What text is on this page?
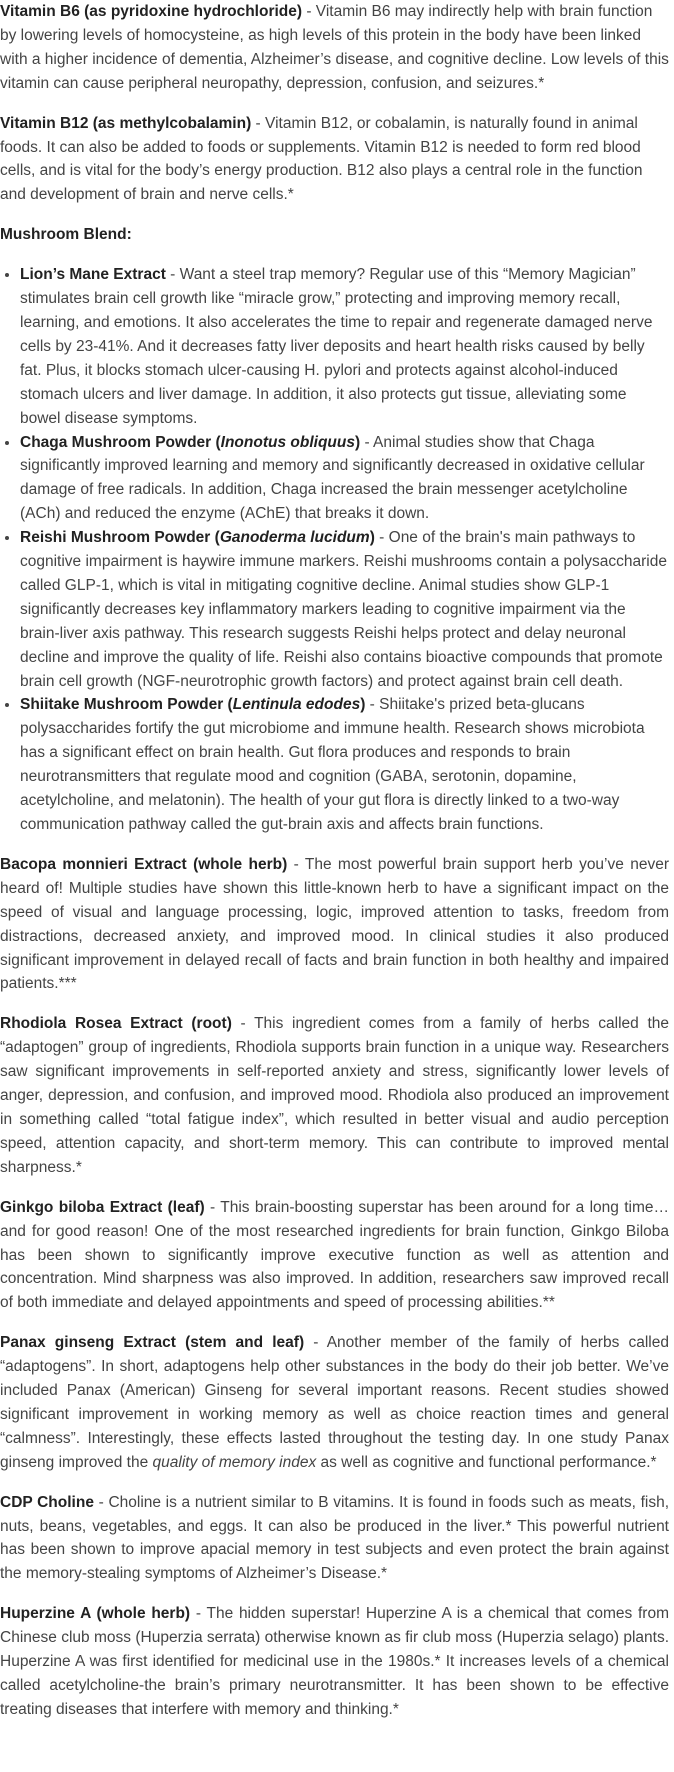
Vitamin B6 (as pyridoxine hydrochloride) - Vitamin B6 may indirectly help with brain function by lowering levels of homocysteine, as high levels of this protein in the body have been linked with a higher incidence of dementia, Alzheimer’s disease, and cognitive decline. Low levels of this vitamin can cause peripheral neuropathy, depression, confusion, and seizures.*

Vitamin B12 (as methylcobalamin) - Vitamin B12, or cobalamin, is naturally found in animal foods. It can also be added to foods or supplements. Vitamin B12 is needed to form red blood cells, and is vital for the body’s energy production. B12 also plays a central role in the function and development of brain and nerve cells.*

Mushroom Blend:
• Lion’s Mane Extract - Want a steel trap memory? Regular use of this “Memory Magician” stimulates brain cell growth like “miracle grow,” protecting and improving memory recall, learning, and emotions. It also accelerates the time to repair and regenerate damaged nerve cells by 23-41%. And it decreases fatty liver deposits and heart health risks caused by belly fat. Plus, it blocks stomach ulcer-causing H. pylori and protects against alcohol-induced stomach ulcers and liver damage. In addition, it also protects gut tissue, alleviating some bowel disease symptoms.
• Chaga Mushroom Powder (Inonotus obliquus) - Animal studies show that Chaga significantly improved learning and memory and significantly decreased in oxidative cellular damage of free radicals. In addition, Chaga increased the brain messenger acetylcholine (ACh) and reduced the enzyme (AChE) that breaks it down.
• Reishi Mushroom Powder (Ganoderma lucidum) - One of the brain's main pathways to cognitive impairment is haywire immune markers. Reishi mushrooms contain a polysaccharide called GLP-1, which is vital in mitigating cognitive decline. Animal studies show GLP-1 significantly decreases key inflammatory markers leading to cognitive impairment via the brain-liver axis pathway. This research suggests Reishi helps protect and delay neuronal decline and improve the quality of life. Reishi also contains bioactive compounds that promote brain cell growth (NGF-neurotrophic growth factors) and protect against brain cell death.
• Shiitake Mushroom Powder (Lentinula edodes) - Shiitake's prized beta-glucans polysaccharides fortify the gut microbiome and immune health. Research shows microbiota has a significant effect on brain health. Gut flora produces and responds to brain neurotransmitters that regulate mood and cognition (GABA, serotonin, dopamine, acetylcholine, and melatonin). The health of your gut flora is directly linked to a two-way communication pathway called the gut-brain axis and affects brain functions.

Bacopa monnieri Extract (whole herb) - The most powerful brain support herb you’ve never heard of! Multiple studies have shown this little-known herb to have a significant impact on the speed of visual and language processing, logic, improved attention to tasks, freedom from distractions, decreased anxiety, and improved mood. In clinical studies it also produced significant improvement in delayed recall of facts and brain function in both healthy and impaired patients.***

Rhodiola Rosea Extract (root) - This ingredient comes from a family of herbs called the “adaptogen” group of ingredients, Rhodiola supports brain function in a unique way. Researchers saw significant improvements in self-reported anxiety and stress, significantly lower levels of anger, depression, and confusion, and improved mood. Rhodiola also produced an improvement in something called “total fatigue index”, which resulted in better visual and audio perception speed, attention capacity, and short-term memory. This can contribute to improved mental sharpness.*

Ginkgo biloba Extract (leaf) - This brain-boosting superstar has been around for a long time…and for good reason! One of the most researched ingredients for brain function, Ginkgo Biloba has been shown to significantly improve executive function as well as attention and concentration. Mind sharpness was also improved. In addition, researchers saw improved recall of both immediate and delayed appointments and speed of processing abilities.**

Panax ginseng Extract (stem and leaf) - Another member of the family of herbs called “adaptogens”. In short, adaptogens help other substances in the body do their job better. We’ve included Panax (American) Ginseng for several important reasons. Recent studies showed significant improvement in working memory as well as choice reaction times and general “calmness”. Interestingly, these effects lasted throughout the testing day. In one study Panax ginseng improved the quality of memory index as well as cognitive and functional performance.*

CDP Choline - Choline is a nutrient similar to B vitamins. It is found in foods such as meats, fish, nuts, beans, vegetables, and eggs. It can also be produced in the liver.* This powerful nutrient has been shown to improve apacial memory in test subjects and even protect the brain against the memory-stealing symptoms of Alzheimer’s Disease.*

Huperzine A (whole herb) - The hidden superstar! Huperzine A is a chemical that comes from Chinese club moss (Huperzia serrata) otherwise known as fir club moss (Huperzia selago) plants. Huperzine A was first identified for medicinal use in the 1980s.* It increases levels of a chemical called acetylcholine-the brain’s primary neurotransmitter. It has been shown to be effective treating diseases that interfere with memory and thinking.*
